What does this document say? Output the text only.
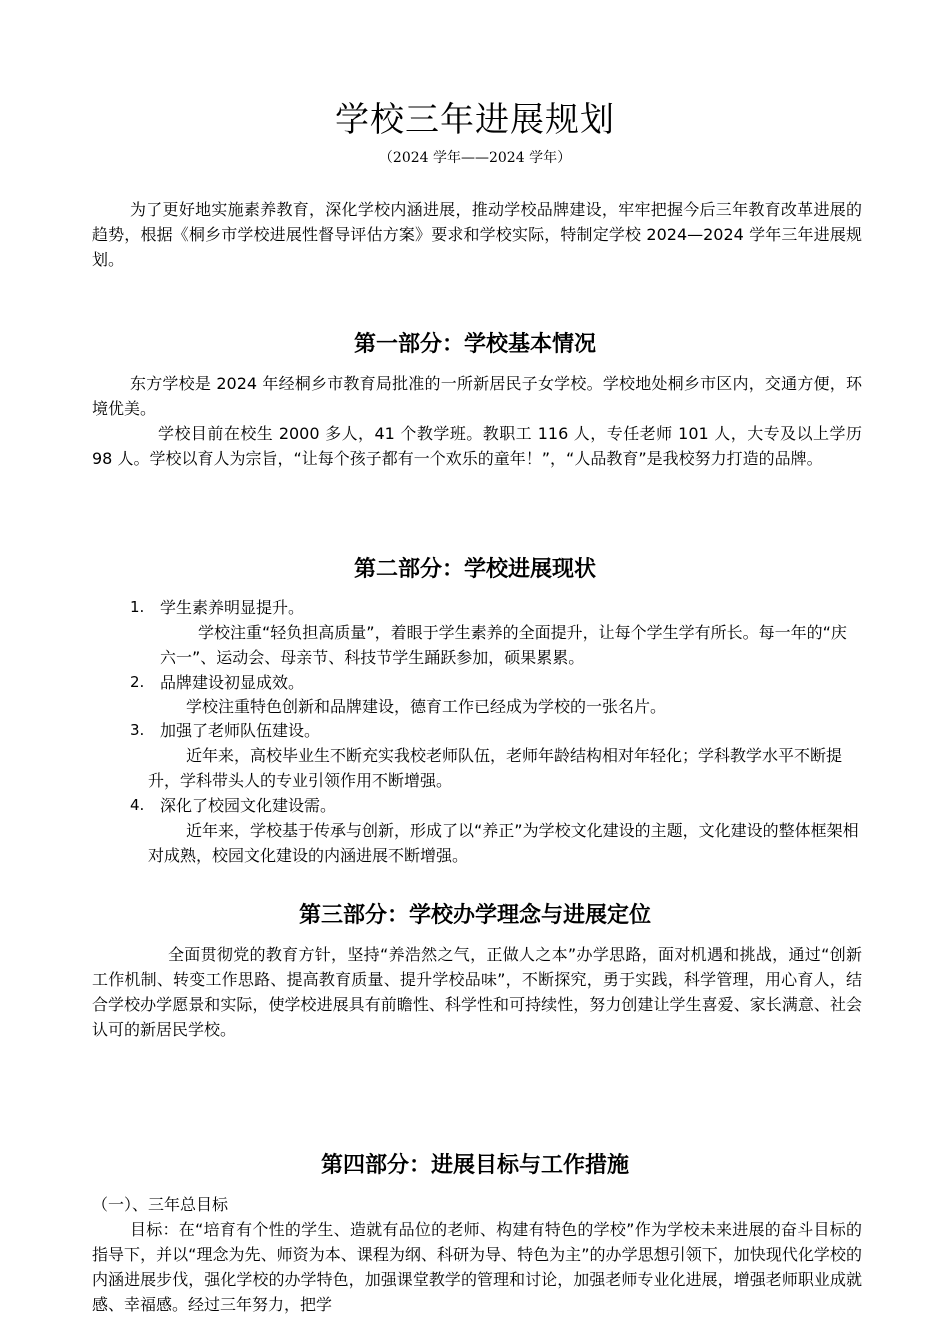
学校三年进展规划
（2024 学年——2024 学年）

为了更好地实施素养教育，深化学校内涵进展，推动学校品牌建设，牢牢把握今后三年教育改革进展的趋势，根据《桐乡市学校进展性督导评估方案》要求和学校实际，特制定学校 2024—2024 学年三年进展规划。

第一部分：学校基本情况

东方学校是 2024 年经桐乡市教育局批准的一所新居民子女学校。学校地处桐乡市区内，交通方便，环境优美。

学校目前在校生 2000 多人，41 个教学班。教职工 116 人，专任老师 101 人，大专及以上学历 98 人。学校以育人为宗旨，“让每个孩子都有一个欢乐的童年！”，“人品教育”是我校努力打造的品牌。

第二部分：学校进展现状
1. 学生素养明显提升。

学校注重“轻负担高质量”，着眼于学生素养的全面提升，让每个学生学有所长。每一年的“庆六一”、运动会、母亲节、科技节学生踊跃参加，硕果累累。

2. 品牌建设初显成效。

学校注重特色创新和品牌建设，德育工作已经成为学校的一张名片。

3. 加强了老师队伍建设。

近年来，高校毕业生不断充实我校老师队伍，老师年龄结构相对年轻化；学科教学水平不断提升，学科带头人的专业引领作用不断增强。

4. 深化了校园文化建设需。

近年来，学校基于传承与创新，形成了以“养正”为学校文化建设的主题，文化建设的整体框架相对成熟，校园文化建设的内涵进展不断增强。

第三部分：学校办学理念与进展定位

全面贯彻党的教育方针，坚持“养浩然之气，正做人之本”办学思路，面对机遇和挑战，通过“创新工作机制、转变工作思路、提高教育质量、提升学校品味”，不断探究，勇于实践，科学管理，用心育人，结合学校办学愿景和实际，使学校进展具有前瞻性、科学性和可持续性，努力创建让学生喜爱、家长满意、社会认可的新居民学校。

第四部分：进展目标与工作措施

（一）、三年总目标

目标：在“培育有个性的学生、造就有品位的老师、构建有特色的学校”作为学校未来进展的奋斗目标的指导下，并以“理念为先、师资为本、课程为纲、科研为导、特色为主”的办学思想引领下，加快现代化学校的内涵进展步伐，强化学校的办学特色，加强课堂教学的管理和讨论，加强老师专业化进展，增强老师职业成就感、幸福感。经过三年努力，把学
